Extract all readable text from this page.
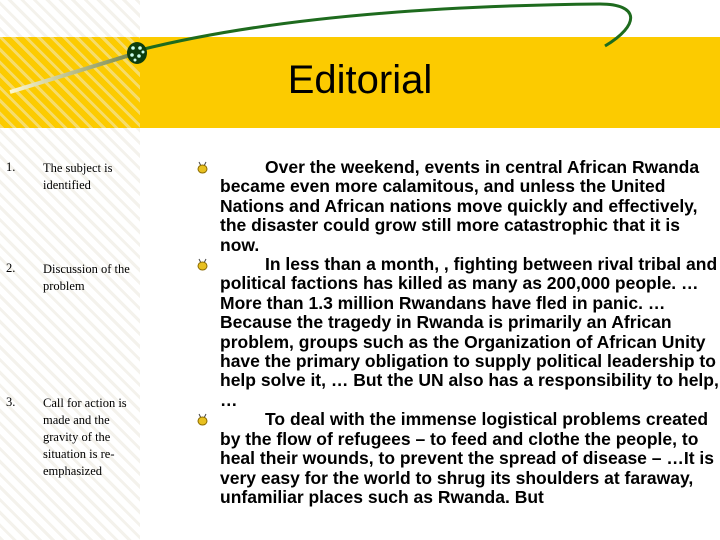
Editorial
1. The subject is identified
2. Discussion of the problem
3. Call for action is made and the gravity of the situation is re-emphasized
Over the weekend, events in central African Rwanda became even more calamitous, and unless the United Nations and African nations move quickly and effectively, the disaster could grow still more catastrophic that it is now.
In less than a month, , fighting between rival tribal and political factions has killed as many as 200,000 people. … More than 1.3 million Rwandans have fled in panic. … Because the tragedy in Rwanda is primarily an African problem, groups such as the Organization of African Unity have the primary obligation to supply political leadership to help solve it, … But the UN also has a responsibility to help, …
To deal with the immense logistical problems created by the flow of refugees – to feed and clothe the people, to heal their wounds, to prevent the spread of disease – …It is very easy for the world to shrug its shoulders at faraway, unfamiliar places such as Rwanda. But
